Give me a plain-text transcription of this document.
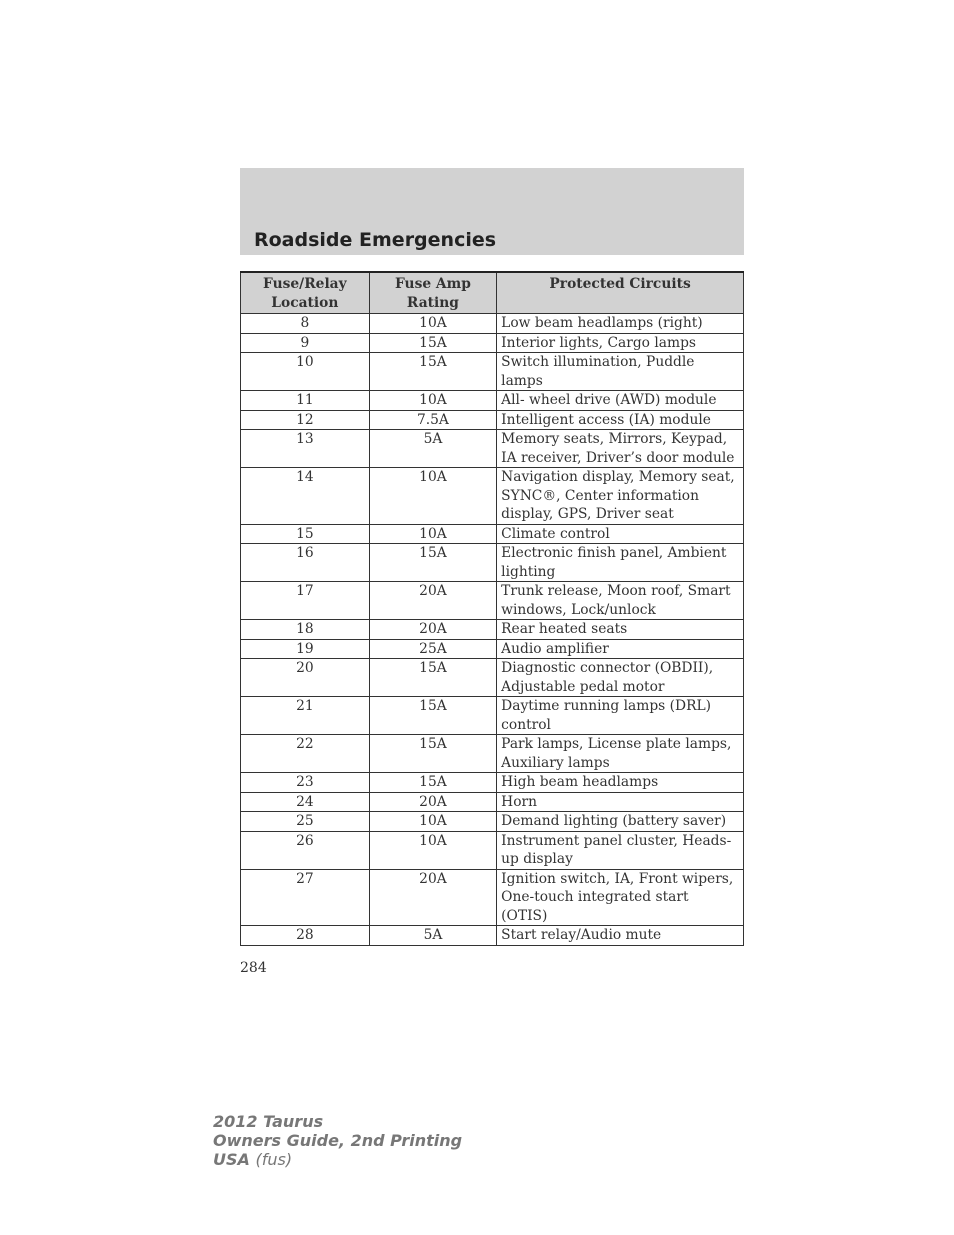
Roadside Emergencies
Fuse/Relay Location	Fuse Amp Rating	Protected Circuits
8	10A	Low beam headlamps (right)
9	15A	Interior lights, Cargo lamps
10	15A	Switch illumination, Puddle lamps
11	10A	All- wheel drive (AWD) module
12	7.5A	Intelligent access (IA) module
13	5A	Memory seats, Mirrors, Keypad, IA receiver, Driver’s door module
14	10A	Navigation display, Memory seat, SYNC®, Center information display, GPS, Driver seat
15	10A	Climate control
16	15A	Electronic finish panel, Ambient lighting
17	20A	Trunk release, Moon roof, Smart windows, Lock/unlock
18	20A	Rear heated seats
19	25A	Audio amplifier
20	15A	Diagnostic connector (OBDII), Adjustable pedal motor
21	15A	Daytime running lamps (DRL) control
22	15A	Park lamps, License plate lamps, Auxiliary lamps
23	15A	High beam headlamps
24	20A	Horn
25	10A	Demand lighting (battery saver)
26	10A	Instrument panel cluster, Heads-up display
27	20A	Ignition switch, IA, Front wipers, One-touch integrated start (OTIS)
28	5A	Start relay/Audio mute
284
2012 Taurus
Owners Guide, 2nd Printing
USA (fus)
